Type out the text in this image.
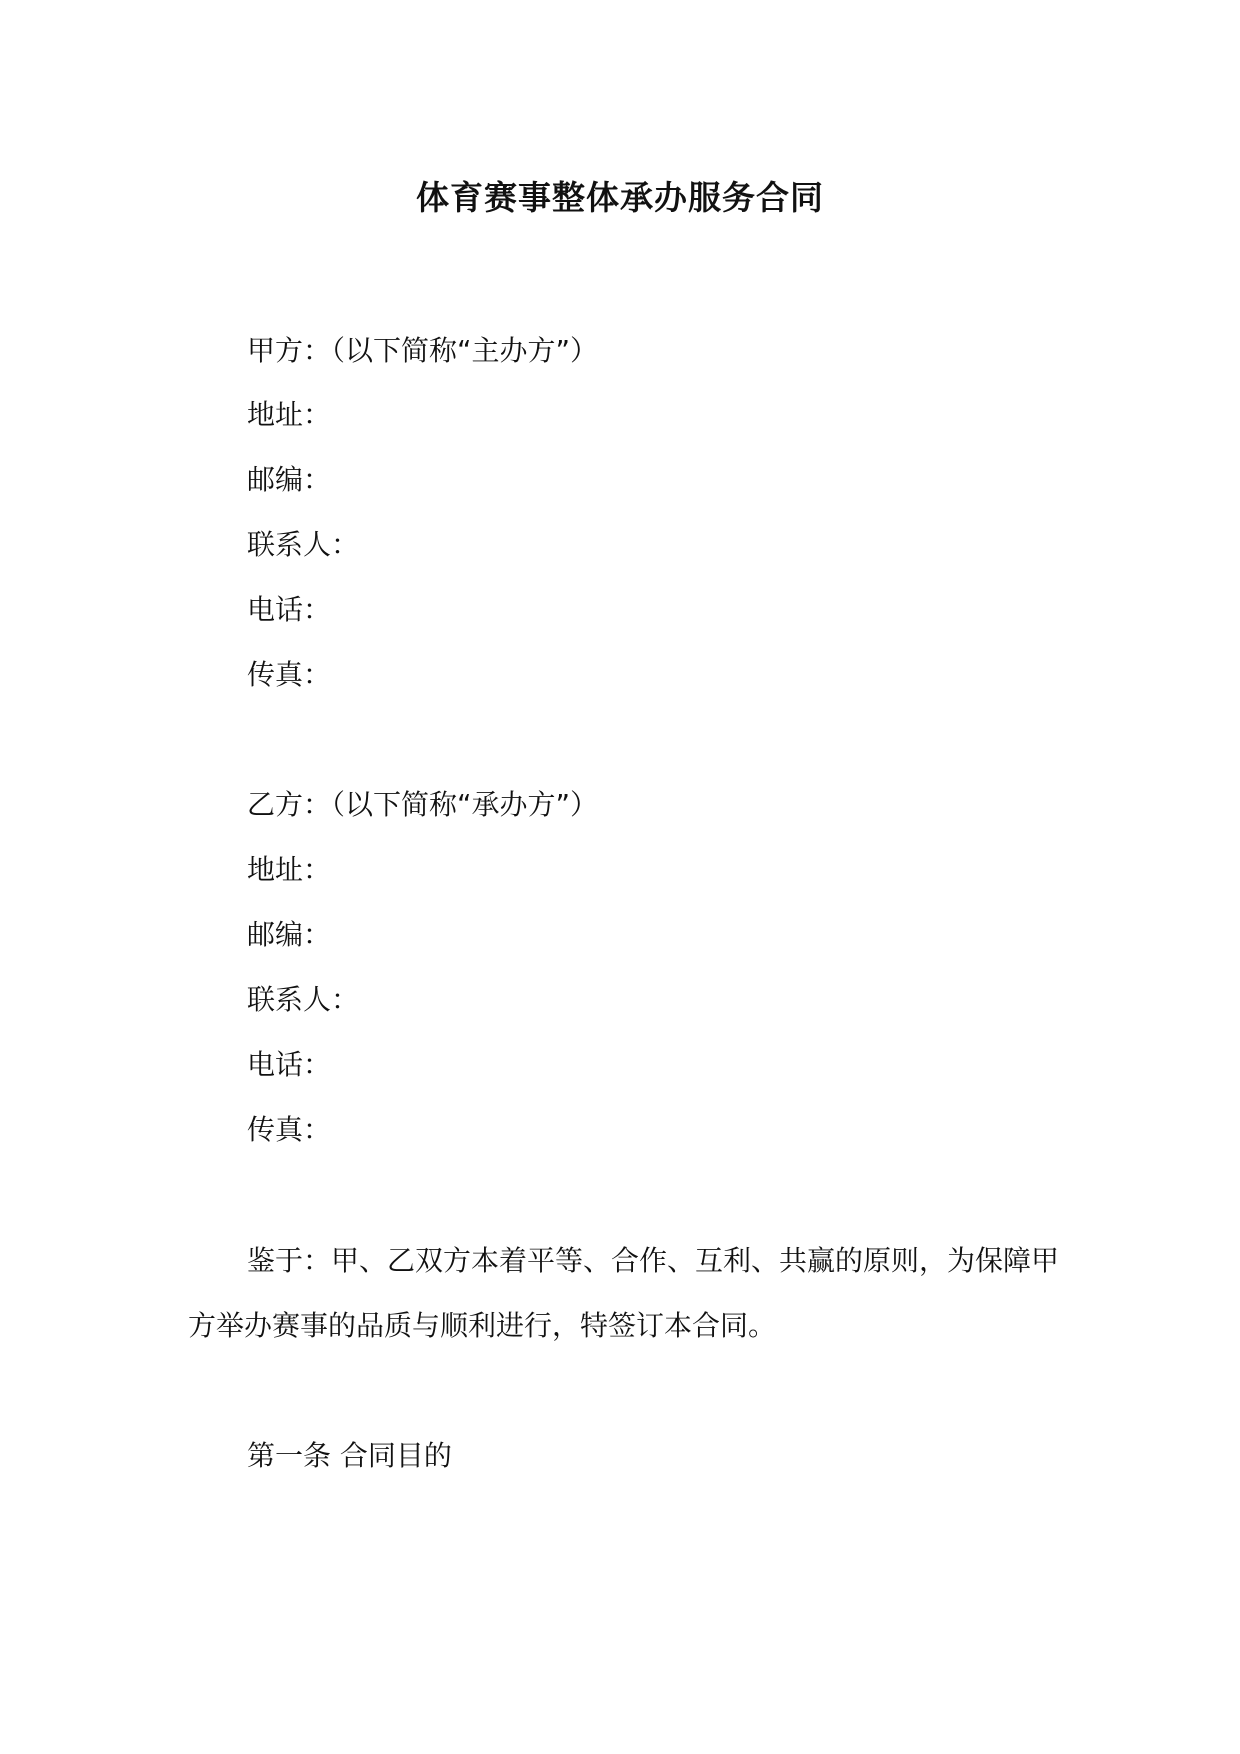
体育赛事整体承办服务合同
甲方：（以下简称“主办方”）
地址：
邮编：
联系人：
电话：
传真：
乙方：（以下简称“承办方”）
地址：
邮编：
联系人：
电话：
传真：
鉴于：甲、乙双方本着平等、合作、互利、共赢的原则，为保障甲方举办赛事的品质与顺利进行，特签订本合同。
第一条 合同目的
